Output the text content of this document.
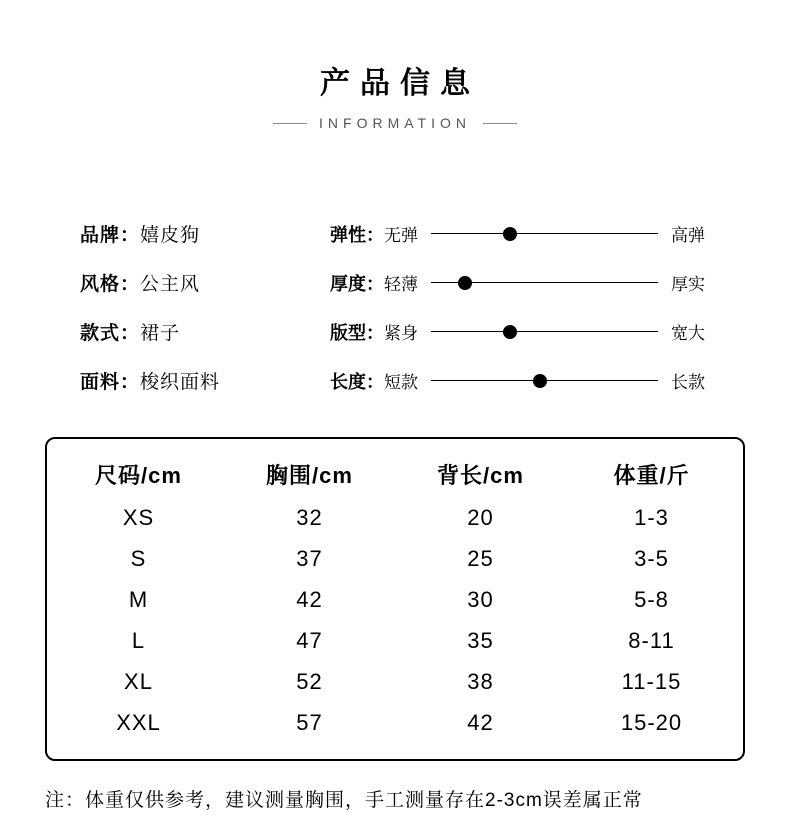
产品信息
INFORMATION
品牌： 嬉皮狗
风格： 公主风
款式： 裙子
面料： 梭织面料
弹性： 无弹	高弹
厚度： 轻薄	厚实
版型： 紧身	宽大
长度： 短款	长款
尺码/cm	胸围/cm	背长/cm	体重/斤
XS	32	20	1-3
S	37	25	3-5
M	42	30	5-8
L	47	35	8-11
XL	52	38	11-15
XXL	57	42	15-20
注：体重仅供参考，建议测量胸围，手工测量存在2-3cm误差属正常
